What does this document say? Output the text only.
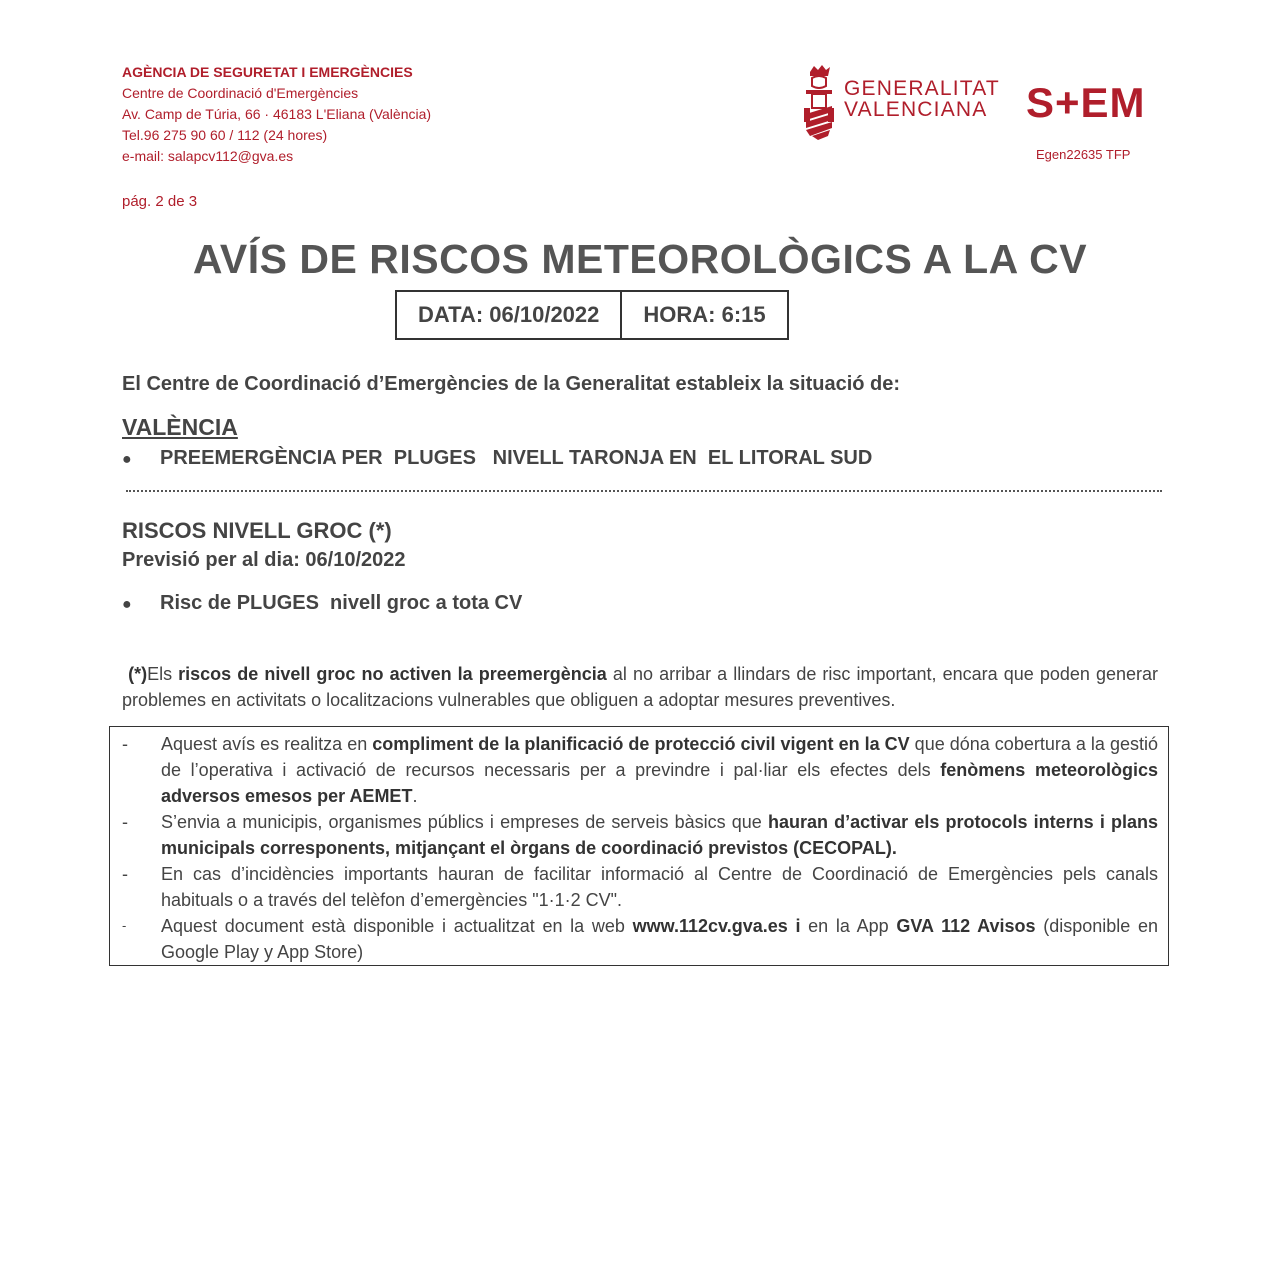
AGÈNCIA DE SEGURETAT I EMERGÈNCIES
Centre de Coordinació d'Emergències
Av. Camp de Túria, 66 · 46183 L'Eliana (València)
Tel.96 275 90 60 / 112 (24 hores)
e-mail: salapcv112@gva.es
pág. 2 de 3
GENERALITAT
VALENCIANA S+EM
Egen22635 TFP
AVÍS DE RISCOS METEOROLÒGICS A LA CV
DATA: 06/10/2022	HORA: 6:15
El Centre de Coordinació d’Emergències de la Generalitat estableix la situació de:
VALÈNCIA
●	PREEMERGÈNCIA PER  PLUGES   NIVELL TARONJA EN  EL LITORAL SUD
RISCOS NIVELL GROC (*)
Previsió per al dia: 06/10/2022
●	Risc de PLUGES  nivell groc a tota CV
(*)Els riscos de nivell groc no activen la preemergència al no arribar a llindars de risc important, encara que poden generar problemes en activitats o localitzacions vulnerables que obliguen a adoptar mesures preventives.
-	Aquest avís es realitza en compliment de la planificació de protecció civil vigent en la CV que dóna cobertura a la gestió de l’operativa i activació de recursos necessaris per a previndre i pal·liar els efectes dels fenòmens meteorològics adversos emesos per AEMET.
-	S’envia a municipis, organismes públics i empreses de serveis bàsics que hauran d’activar els protocols interns i plans municipals corresponents, mitjançant el òrgans de coordinació previstos (CECOPAL).
-	En cas d’incidències importants hauran de facilitar informació al Centre de Coordinació de Emergències pels canals habituals o a través del telèfon d’emergències "1·1·2 CV".
-	Aquest document està disponible i actualitzat en la web www.112cv.gva.es i en la App GVA 112 Avisos (disponible en Google Play y App Store)
